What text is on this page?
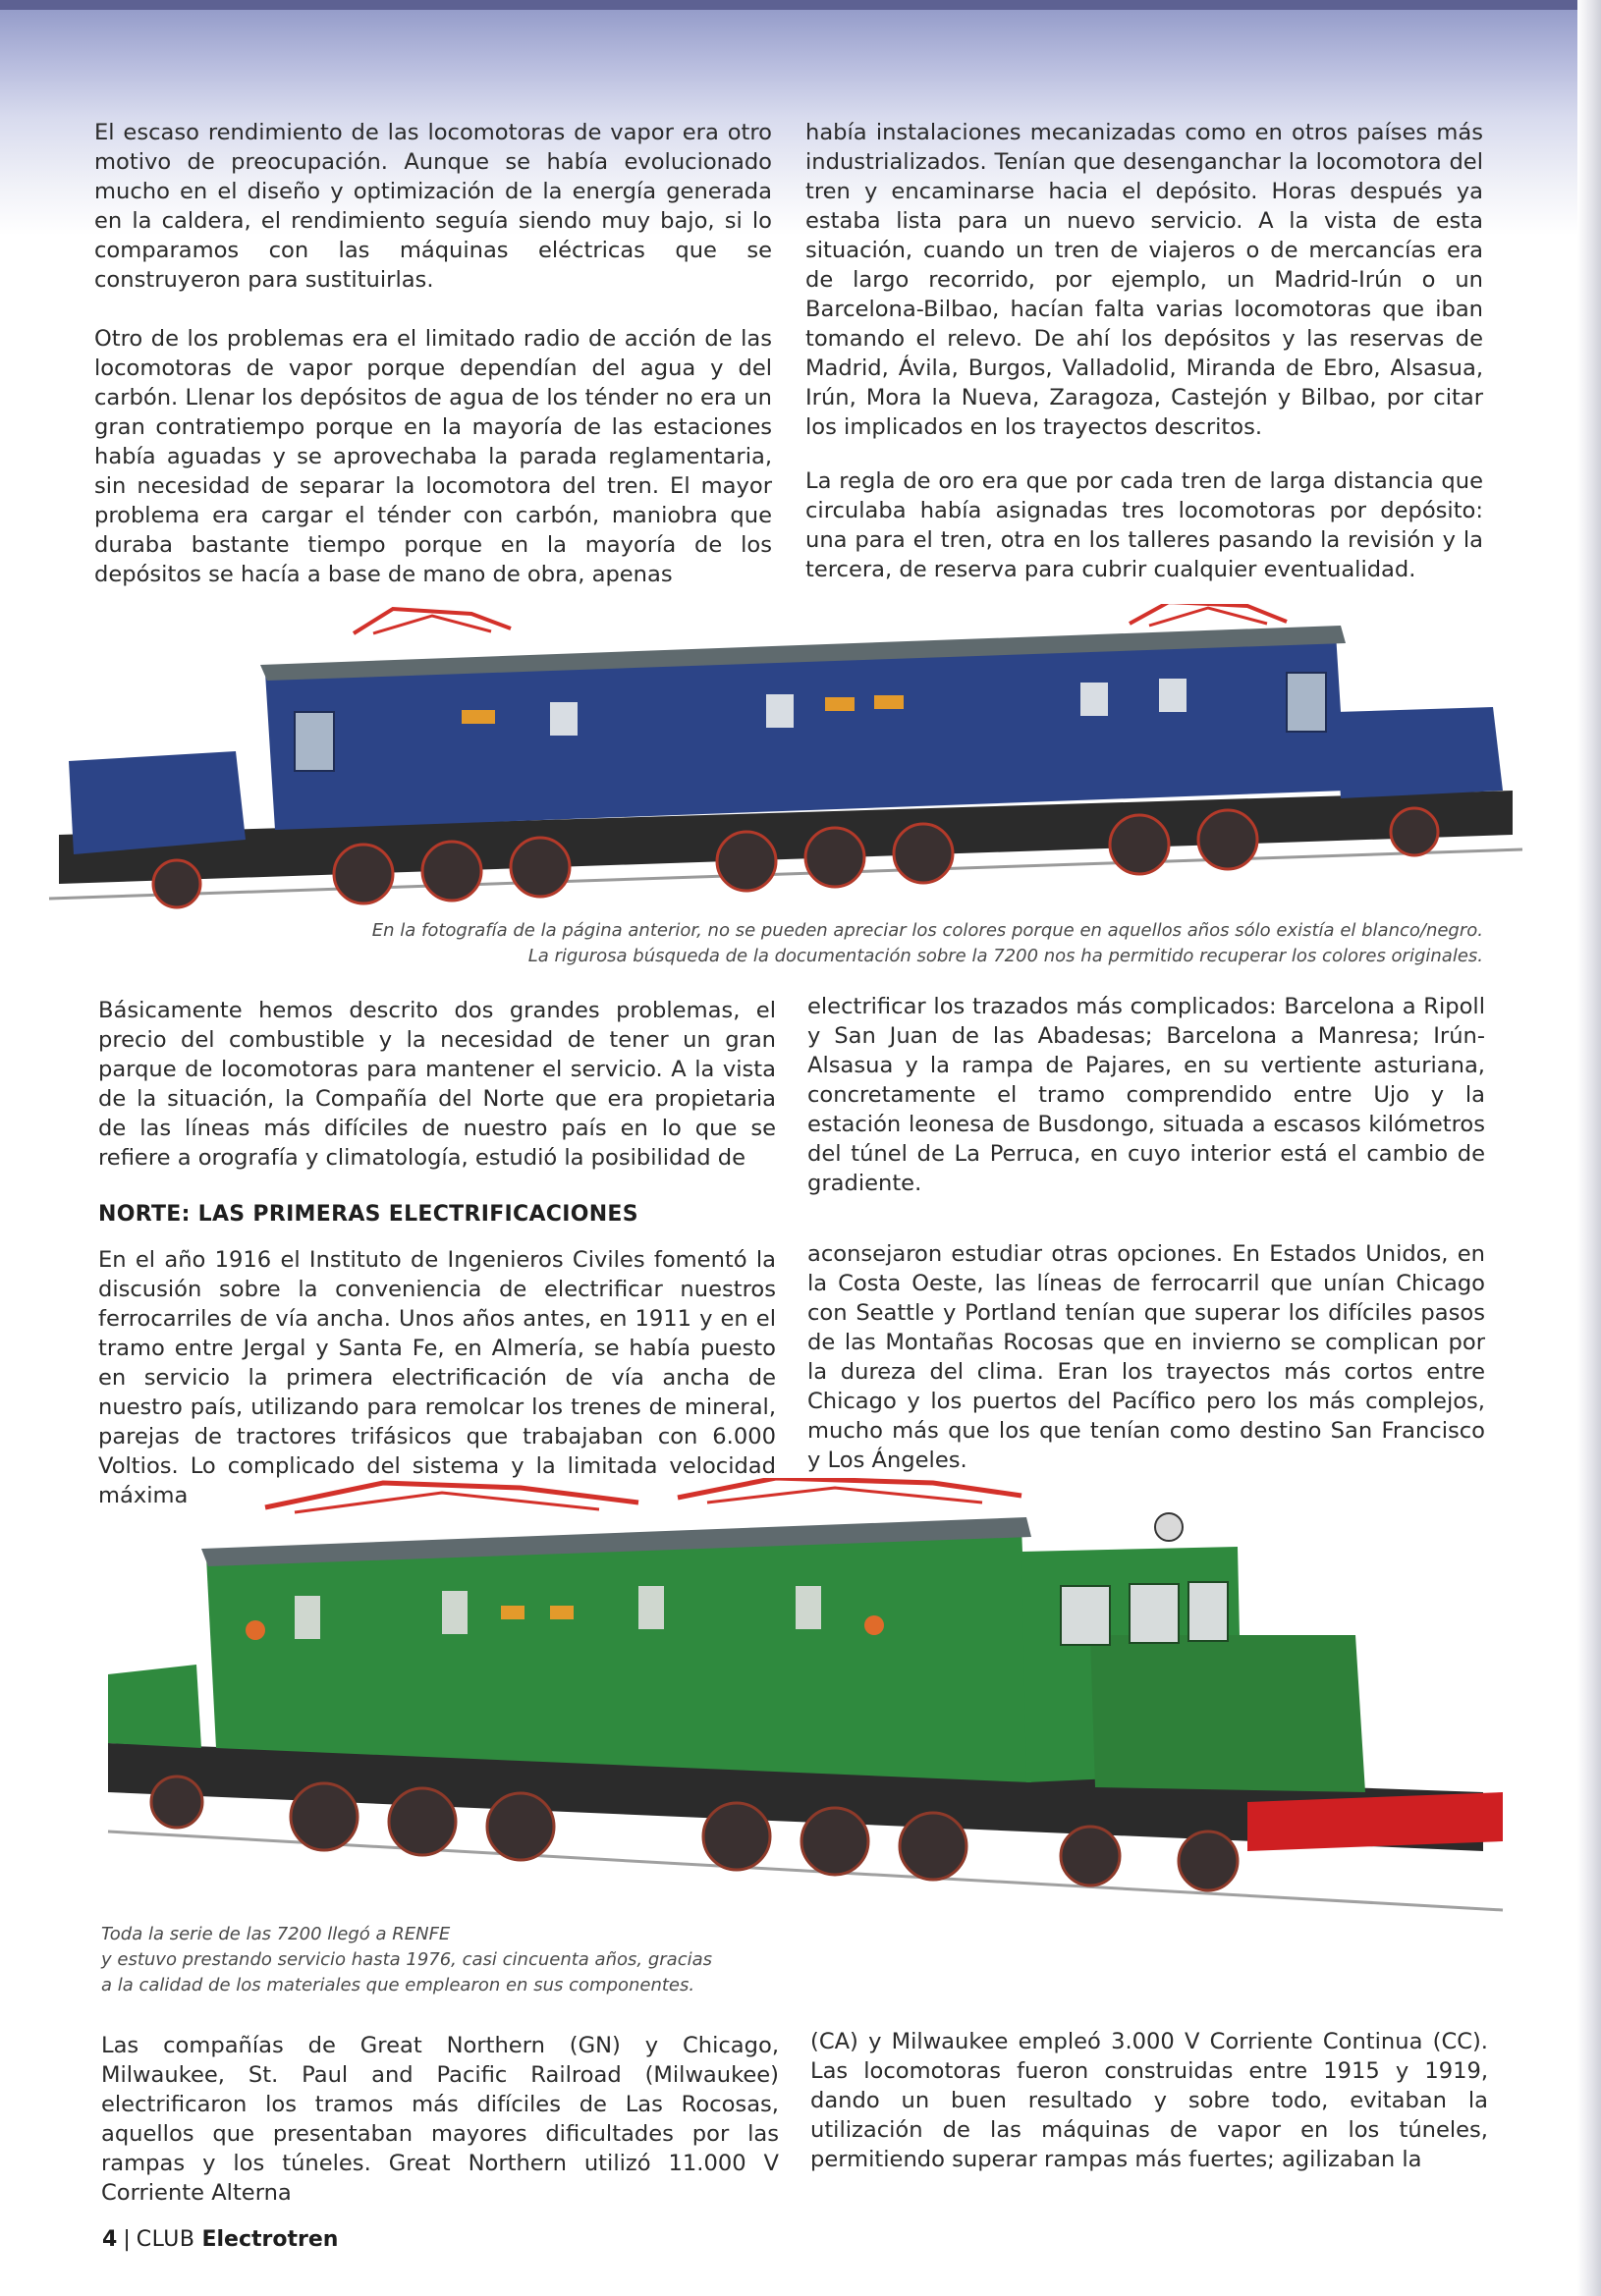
El escaso rendimiento de las locomotoras de vapor era otro motivo de preocupación. Aunque se había evolucionado mucho en el diseño y optimización de la energía generada en la caldera, el rendimiento seguía siendo muy bajo, si lo comparamos con las máquinas eléctricas que se construyeron para sustituirlas.

Otro de los problemas era el limitado radio de acción de las locomotoras de vapor porque dependían del agua y del carbón. Llenar los depósitos de agua de los ténder no era un gran contratiempo porque en la mayoría de las estaciones había aguadas y se aprovechaba la parada reglamentaria, sin necesidad de separar la locomotora del tren. El mayor problema era cargar el ténder con carbón, maniobra que duraba bastante tiempo porque en la mayoría de los depósitos se hacía a base de mano de obra, apenas

había instalaciones mecanizadas como en otros países más industrializados. Tenían que desenganchar la locomotora del tren y encaminarse hacia el depósito. Horas después ya estaba lista para un nuevo servicio. A la vista de esta situación, cuando un tren de viajeros o de mercancías era de largo recorrido, por ejemplo, un Madrid-Irún o un Barcelona-Bilbao, hacían falta varias locomotoras que iban tomando el relevo. De ahí los depósitos y las reservas de Madrid, Ávila, Burgos, Valladolid, Miranda de Ebro, Alsasua, Irún, Mora la Nueva, Zaragoza, Castejón y Bilbao, por citar los implicados en los trayectos descritos.

La regla de oro era que por cada tren de larga distancia que circulaba había asignadas tres locomotoras por depósito: una para el tren, otra en los talleres pasando la revisión y la tercera, de reserva para cubrir cualquier eventualidad.

En la fotografía de la página anterior, no se pueden apreciar los colores porque en aquellos años sólo existía el blanco/negro.

La rigurosa búsqueda de la documentación sobre la 7200 nos ha permitido recuperar los colores originales.

Básicamente hemos descrito dos grandes problemas, el precio del combustible y la necesidad de tener un gran parque de locomotoras para mantener el servicio. A la vista de la situación, la Compañía del Norte que era propietaria de las líneas más difíciles de nuestro país en lo que se refiere a orografía y climatología, estudió la posibilidad de

electrificar los trazados más complicados: Barcelona a Ripoll y San Juan de las Abadesas; Barcelona a Manresa; Irún-Alsasua y la rampa de Pajares, en su vertiente asturiana, concretamente el tramo comprendido entre Ujo y la estación leonesa de Busdongo, situada a escasos kilómetros del túnel de La Perruca, en cuyo interior está el cambio de gradiente.

NORTE: LAS PRIMERAS ELECTRIFICACIONES

En el año 1916 el Instituto de Ingenieros Civiles fomentó la discusión sobre la conveniencia de electrificar nuestros ferrocarriles de vía ancha. Unos años antes, en 1911 y en el tramo entre Jergal y Santa Fe, en Almería, se había puesto en servicio la primera electrificación de vía ancha de nuestro país, utilizando para remolcar los trenes de mineral, parejas de tractores trifásicos que trabajaban con 6.000 Voltios. Lo complicado del sistema y la limitada velocidad máxima

aconsejaron estudiar otras opciones. En Estados Unidos, en la Costa Oeste, las líneas de ferrocarril que unían Chicago con Seattle y Portland tenían que superar los difíciles pasos de las Montañas Rocosas que en invierno se complican por la dureza del clima. Eran los trayectos más cortos entre Chicago y los puertos del Pacífico pero los más complejos, mucho más que los que tenían como destino San Francisco y Los Ángeles.

Toda la serie de las 7200 llegó a RENFE

y estuvo prestando servicio hasta 1976, casi cincuenta años, gracias

a la calidad de los materiales que emplearon en sus componentes.

Las compañías de Great Northern (GN) y Chicago, Milwaukee, St. Paul and Pacific Railroad (Milwaukee) electrificaron los tramos más difíciles de Las Rocosas, aquellos que presentaban mayores dificultades por las rampas y los túneles. Great Northern utilizó 11.000 V Corriente Alterna

(CA) y Milwaukee empleó 3.000 V Corriente Continua (CC). Las locomotoras fueron construidas entre 1915 y 1919, dando un buen resultado y sobre todo, evitaban la utilización de las máquinas de vapor en los túneles, permitiendo superar rampas más fuertes; agilizaban la

4 | CLUB Electrotren
